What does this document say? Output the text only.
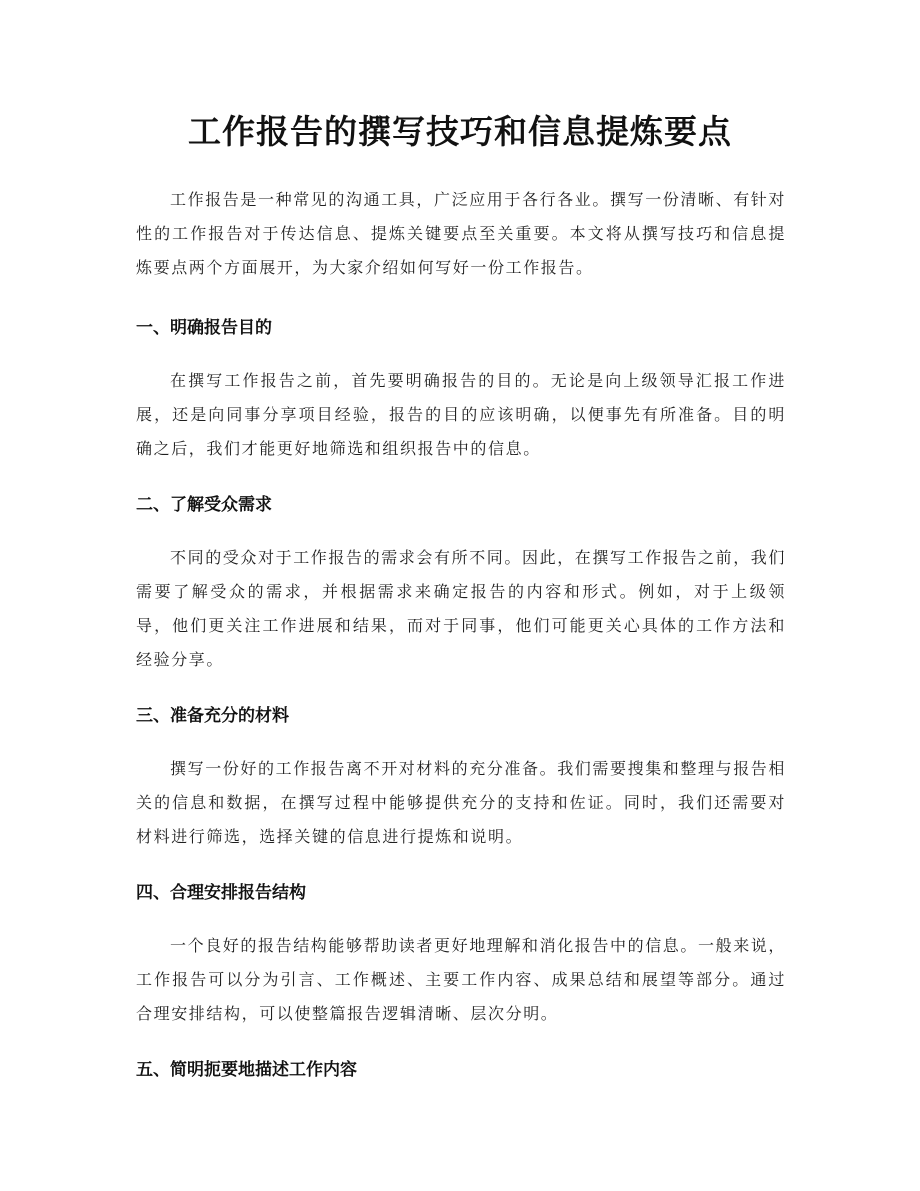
工作报告的撰写技巧和信息提炼要点

工作报告是一种常见的沟通工具，广泛应用于各行各业。撰写一份清晰、有针对性的工作报告对于传达信息、提炼关键要点至关重要。本文将从撰写技巧和信息提炼要点两个方面展开，为大家介绍如何写好一份工作报告。

一、明确报告目的

在撰写工作报告之前，首先要明确报告的目的。无论是向上级领导汇报工作进展，还是向同事分享项目经验，报告的目的应该明确，以便事先有所准备。目的明确之后，我们才能更好地筛选和组织报告中的信息。

二、了解受众需求

不同的受众对于工作报告的需求会有所不同。因此，在撰写工作报告之前，我们需要了解受众的需求，并根据需求来确定报告的内容和形式。例如，对于上级领导，他们更关注工作进展和结果，而对于同事，他们可能更关心具体的工作方法和经验分享。

三、准备充分的材料

撰写一份好的工作报告离不开对材料的充分准备。我们需要搜集和整理与报告相关的信息和数据，在撰写过程中能够提供充分的支持和佐证。同时，我们还需要对材料进行筛选，选择关键的信息进行提炼和说明。

四、合理安排报告结构

一个良好的报告结构能够帮助读者更好地理解和消化报告中的信息。一般来说，工作报告可以分为引言、工作概述、主要工作内容、成果总结和展望等部分。通过合理安排结构，可以使整篇报告逻辑清晰、层次分明。

五、简明扼要地描述工作内容
